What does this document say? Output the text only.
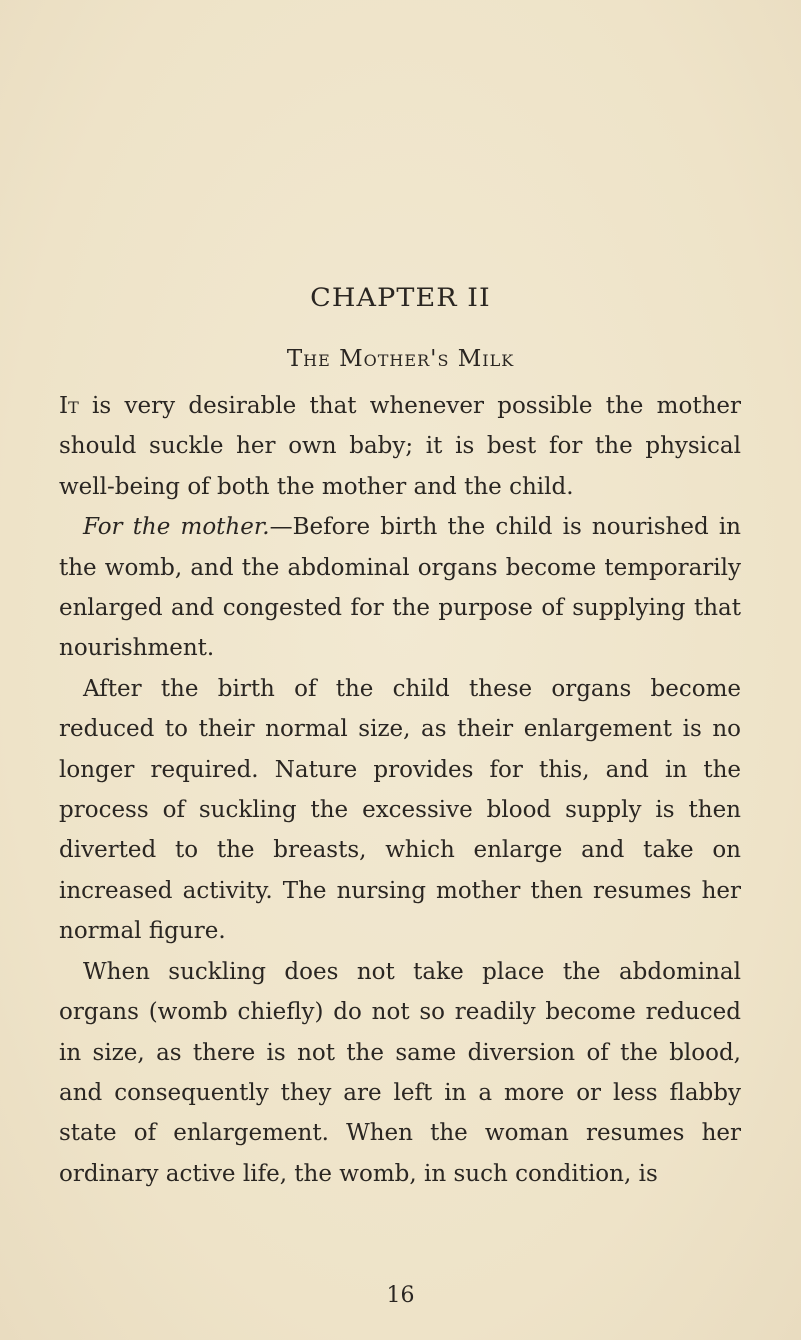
CHAPTER II
The Mother's Milk

It is very desirable that whenever possible the mother should suckle her own baby; it is best for the physical well-being of both the mother and the child.

For the mother.—Before birth the child is nourished in the womb, and the abdominal organs become temporarily enlarged and congested for the purpose of supplying that nourishment.

After the birth of the child these organs become reduced to their normal size, as their enlargement is no longer required. Nature provides for this, and in the process of suckling the excessive blood supply is then diverted to the breasts, which enlarge and take on increased activity. The nursing mother then resumes her normal figure.

When suckling does not take place the abdominal organs (womb chiefly) do not so readily become reduced in size, as there is not the same diversion of the blood, and consequently they are left in a more or less flabby state of enlargement. When the woman resumes her ordinary active life, the womb, in such condition, is

16
